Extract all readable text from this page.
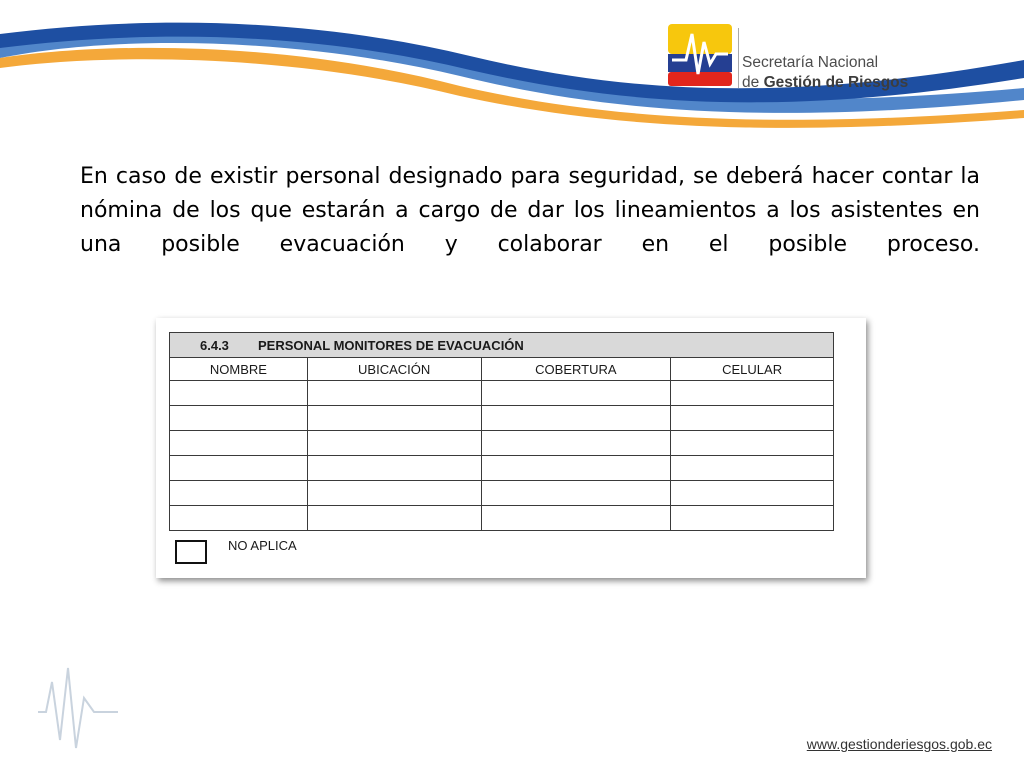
Secretaría Nacional
de Gestión de Riesgos

En caso de existir personal designado para seguridad, se deberá hacer contar la nómina de los que estarán a cargo de dar los lineamientos a los asistentes en una posible evacuación y colaborar en el posible proceso.

6.4.3 PERSONAL MONITORES DE EVACUACIÓN			
NOMBRE	UBICACIÓN	COBERTURA	CELULAR

NO APLICA
www.gestionderiesgos.gob.ec
